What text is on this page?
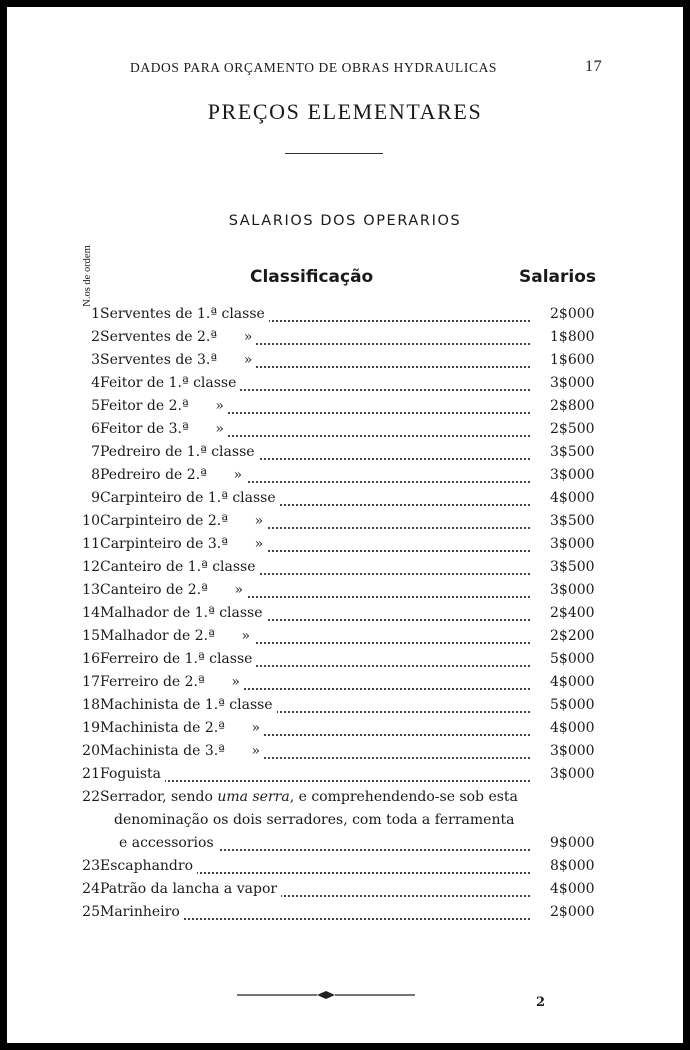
DADOS PARA ORÇAMENTO DE OBRAS HYDRAULICAS	17
PREÇOS ELEMENTARES
SALARIOS DOS OPERARIOS
N.os de ordem	Classificação	Salarios
1 Serventes de 1.ª classe	2$000
2 Serventes de 2.ª      »	1$800
3 Serventes de 3.ª      »	1$600
4 Feitor de 1.ª classe	3$000
5 Feitor de 2.ª      »	2$800
6 Feitor de 3.ª      »	2$500
7 Pedreiro de 1.ª classe	3$500
8 Pedreiro de 2.ª      »	3$000
9 Carpinteiro de 1.ª classe	4$000
10 Carpinteiro de 2.ª      »	3$500
11 Carpinteiro de 3.ª      »	3$000
12 Canteiro de 1.ª classe	3$500
13 Canteiro de 2.ª      »	3$000
14 Malhador de 1.ª classe	2$400
15 Malhador de 2.ª      »	2$200
16 Ferreiro de 1.ª classe	5$000
17 Ferreiro de 2.ª      »	4$000
18 Machinista de 1.ª classe	5$000
19 Machinista de 2.ª      »	4$000
20 Machinista de 3.ª      »	3$000
21 Foguista	3$000
22 Serrador, sendo uma serra, e comprehendendo-se sob esta
denominação os dois serradores, com toda a ferramenta
e accessorios	9$000
23 Escaphandro	8$000
24 Patrão da lancha a vapor	4$000
25 Marinheiro	2$000
2
